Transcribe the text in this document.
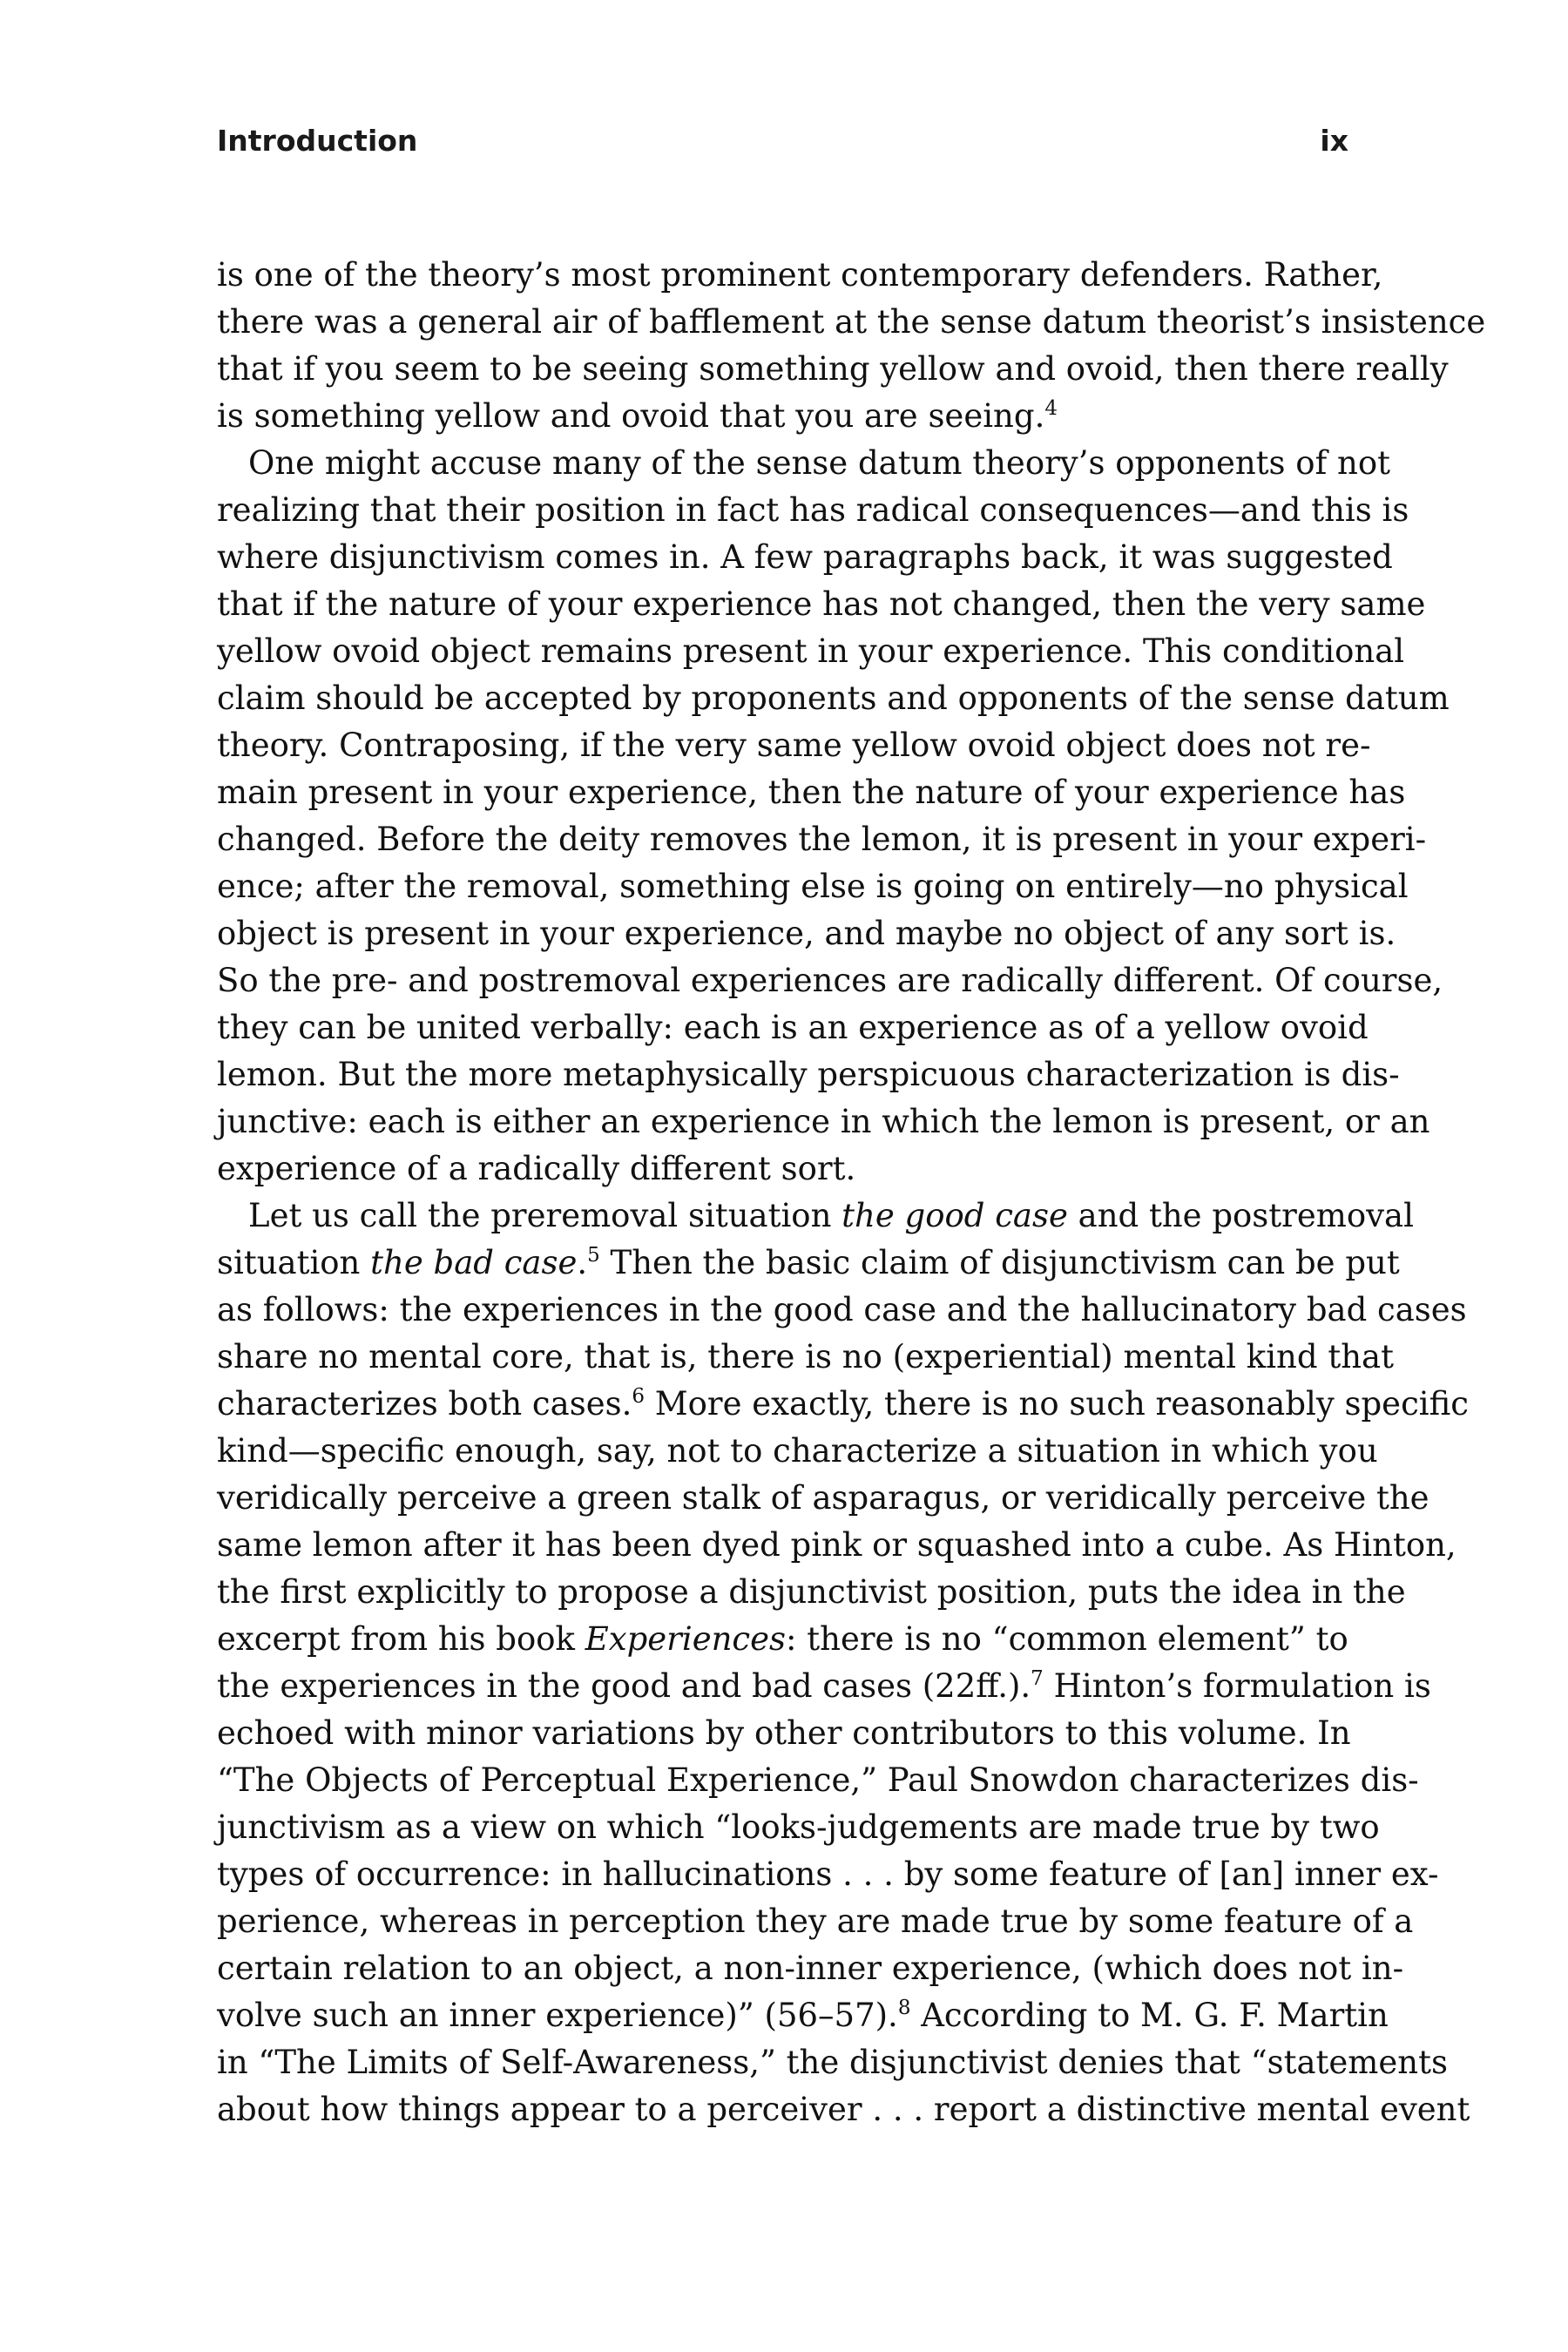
Introduction	ix
is one of the theory’s most prominent contemporary defenders. Rather,
there was a general air of bafflement at the sense datum theorist’s insistence
that if you seem to be seeing something yellow and ovoid, then there really
is something yellow and ovoid that you are seeing.$^4$
One might accuse many of the sense datum theory’s opponents of not
realizing that their position in fact has radical consequences—and this is
where disjunctivism comes in. A few paragraphs back, it was suggested
that if the nature of your experience has not changed, then the very same
yellow ovoid object remains present in your experience. This conditional
claim should be accepted by proponents and opponents of the sense datum
theory. Contraposing, if the very same yellow ovoid object does not re-
main present in your experience, then the nature of your experience has
changed. Before the deity removes the lemon, it is present in your experi-
ence; after the removal, something else is going on entirely—no physical
object is present in your experience, and maybe no object of any sort is.
So the pre- and postremoval experiences are radically different. Of course,
they can be united verbally: each is an experience as of a yellow ovoid
lemon. But the more metaphysically perspicuous characterization is dis-
junctive: each is either an experience in which the lemon is present, or an
experience of a radically different sort.
Let us call the preremoval situation the good case and the postremoval
situation the bad case.$^5$ Then the basic claim of disjunctivism can be put
as follows: the experiences in the good case and the hallucinatory bad cases
share no mental core, that is, there is no (experiential) mental kind that
characterizes both cases.$^6$ More exactly, there is no such reasonably specific
kind—specific enough, say, not to characterize a situation in which you
veridically perceive a green stalk of asparagus, or veridically perceive the
same lemon after it has been dyed pink or squashed into a cube. As Hinton,
the first explicitly to propose a disjunctivist position, puts the idea in the
excerpt from his book Experiences: there is no “common element” to
the experiences in the good and bad cases (22ff.).$^7$ Hinton’s formulation is
echoed with minor variations by other contributors to this volume. In
“The Objects of Perceptual Experience,” Paul Snowdon characterizes dis-
junctivism as a view on which “looks-judgements are made true by two
types of occurrence: in hallucinations . . . by some feature of [an] inner ex-
perience, whereas in perception they are made true by some feature of a
certain relation to an object, a non-inner experience, (which does not in-
volve such an inner experience)” (56–57).$^8$ According to M. G. F. Martin
in “The Limits of Self-Awareness,” the disjunctivist denies that “statements
about how things appear to a perceiver . . . report a distinctive mental event
